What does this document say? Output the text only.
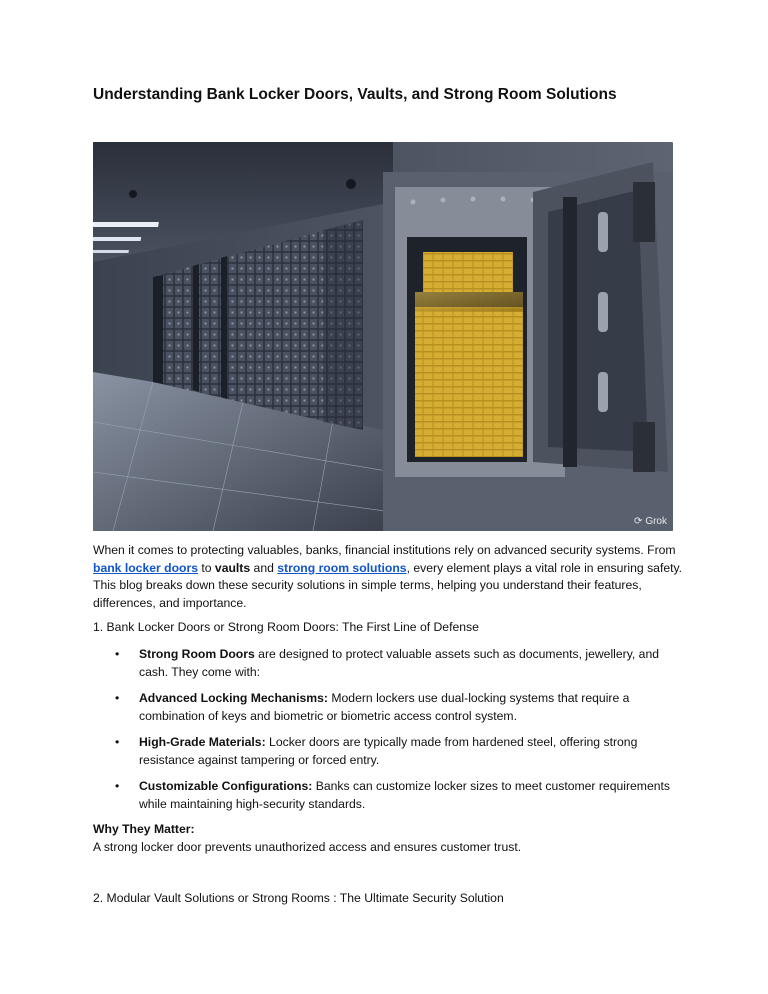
Understanding Bank Locker Doors, Vaults, and Strong Room Solutions
⟳ Grok

When it comes to protecting valuables, banks, financial institutions rely on advanced security systems. From bank locker doors to vaults and strong room solutions, every element plays a vital role in ensuring safety. This blog breaks down these security solutions in simple terms, helping you understand their features, differences, and importance.

1. Bank Locker Doors or Strong Room Doors: The First Line of Defense

• Strong Room Doors are designed to protect valuable assets such as documents, jewellery, and cash. They come with:
• Advanced Locking Mechanisms: Modern lockers use dual-locking systems that require a combination of keys and biometric or biometric access control system.
• High-Grade Materials: Locker doors are typically made from hardened steel, offering strong resistance against tampering or forced entry.
• Customizable Configurations: Banks can customize locker sizes to meet customer requirements while maintaining high-security standards.

Why They Matter:
A strong locker door prevents unauthorized access and ensures customer trust.

2. Modular Vault Solutions or Strong Rooms : The Ultimate Security Solution
